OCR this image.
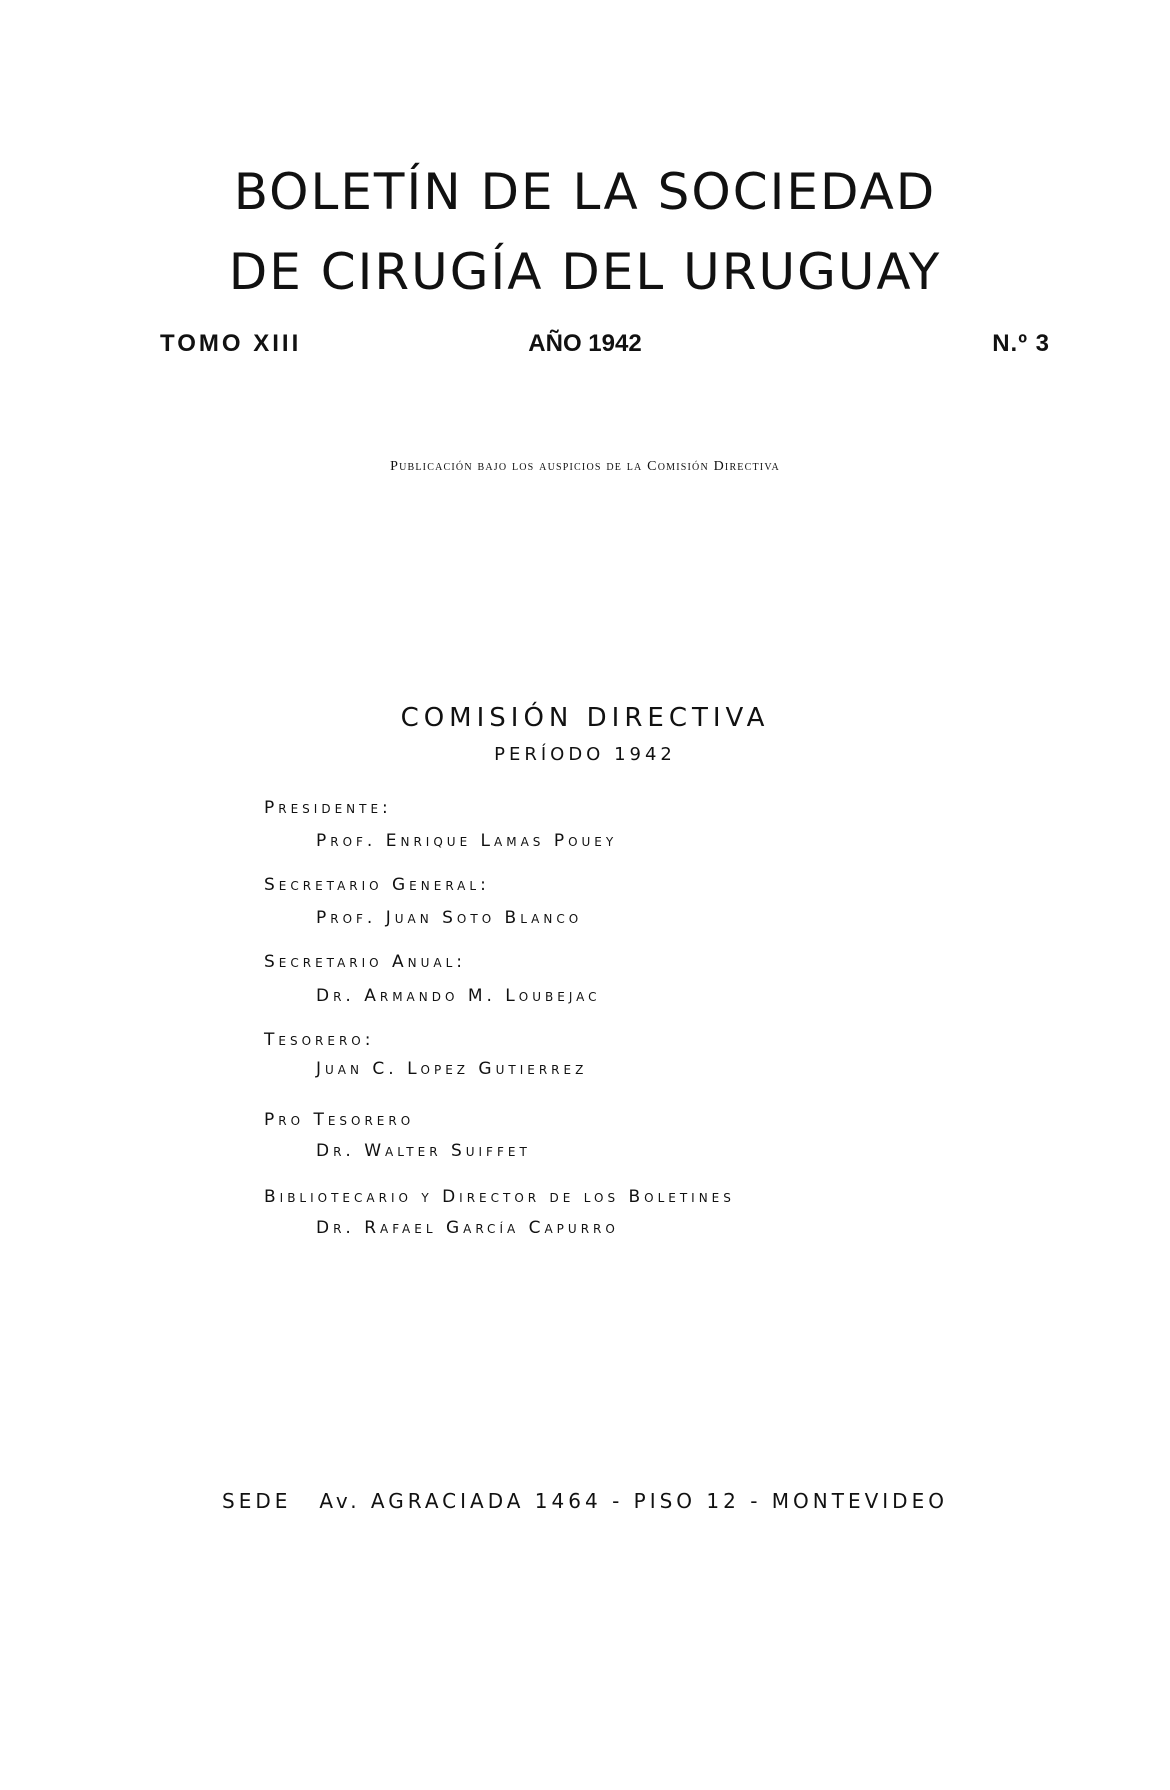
BOLETÍN DE LA SOCIEDAD
DE CIRUGÍA DEL URUGUAY
TOMO XIII	AÑO 1942	N.º 3
Publicación bajo los auspicios de la Comisión Directiva
COMISIÓN DIRECTIVA
PERÍODO 1942
Presidente:
Prof. Enrique Lamas Pouey
Secretario General:
Prof. Juan Soto Blanco
Secretario Anual:
Dr. Armando M. Loubejac
Tesorero:
Juan C. Lopez Gutierrez
Pro Tesorero
Dr. Walter Suiffet
Bibliotecario y Director de los Boletines
Dr. Rafael García Capurro
SEDE Av. AGRACIADA 1464 - PISO 12 - MONTEVIDEO
